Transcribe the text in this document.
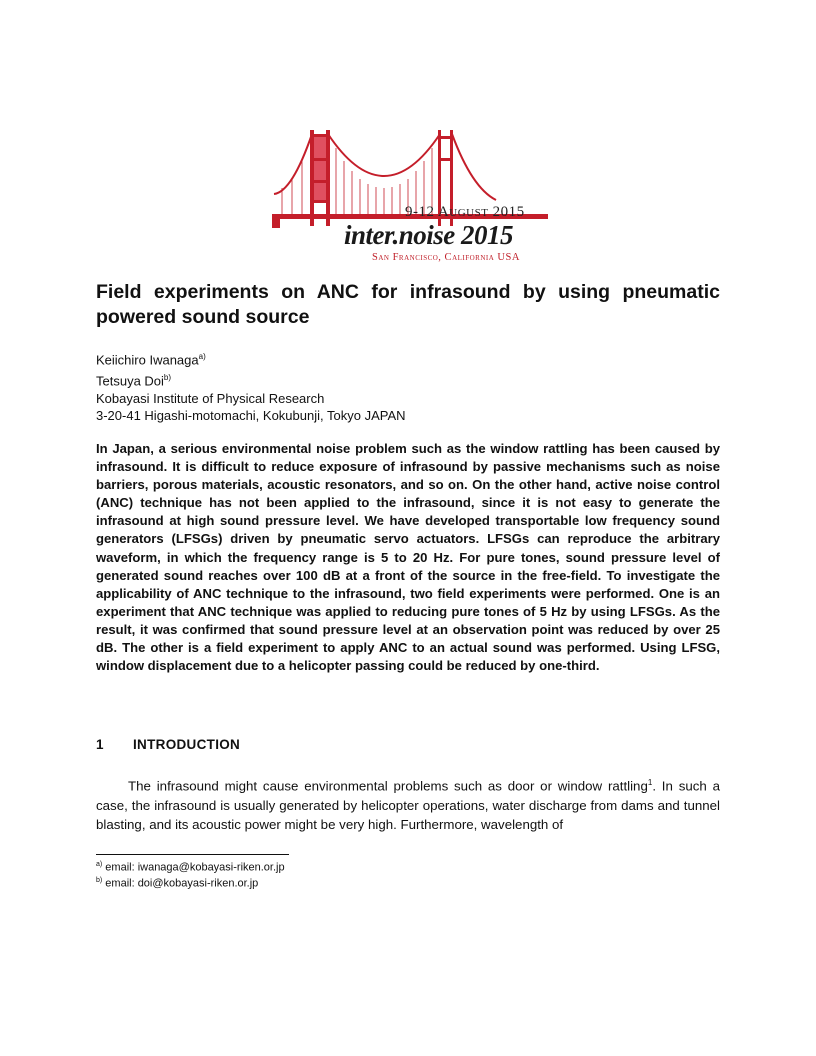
9-12 August 2015
inter.noise 2015
San Francisco, California USA
Field experiments on ANC for infrasound by using pneumatic powered sound source
Keiichiro Iwanaga$^{a)}$
Tetsuya Doi$^{b)}$
Kobayasi Institute of Physical Research
3-20-41 Higashi-motomachi, Kokubunji, Tokyo JAPAN
In Japan, a serious environmental noise problem such as the window rattling has been caused by infrasound. It is difficult to reduce exposure of infrasound by passive mechanisms such as noise barriers, porous materials, acoustic resonators, and so on. On the other hand, active noise control (ANC) technique has not been applied to the infrasound, since it is not easy to generate the infrasound at high sound pressure level. We have developed transportable low frequency sound generators (LFSGs) driven by pneumatic servo actuators. LFSGs can reproduce the arbitrary waveform, in which the frequency range is 5 to 20 Hz. For pure tones, sound pressure level of generated sound reaches over 100 dB at a front of the source in the free-field. To investigate the applicability of ANC technique to the infrasound, two field experiments were performed. One is an experiment that ANC technique was applied to reducing pure tones of 5 Hz by using LFSGs. As the result, it was confirmed that sound pressure level at an observation point was reduced by over 25 dB. The other is a field experiment to apply ANC to an actual sound was performed. Using LFSG, window displacement due to a helicopter passing could be reduced by one-third.
1 INTRODUCTION
The infrasound might cause environmental problems such as door or window rattling$^1$. In such a case, the infrasound is usually generated by helicopter operations, water discharge from dams and tunnel blasting, and its acoustic power might be very high. Furthermore, wavelength of
$^{a)}$ email: iwanaga@kobayasi-riken.or.jp
$^{b)}$ email: doi@kobayasi-riken.or.jp
